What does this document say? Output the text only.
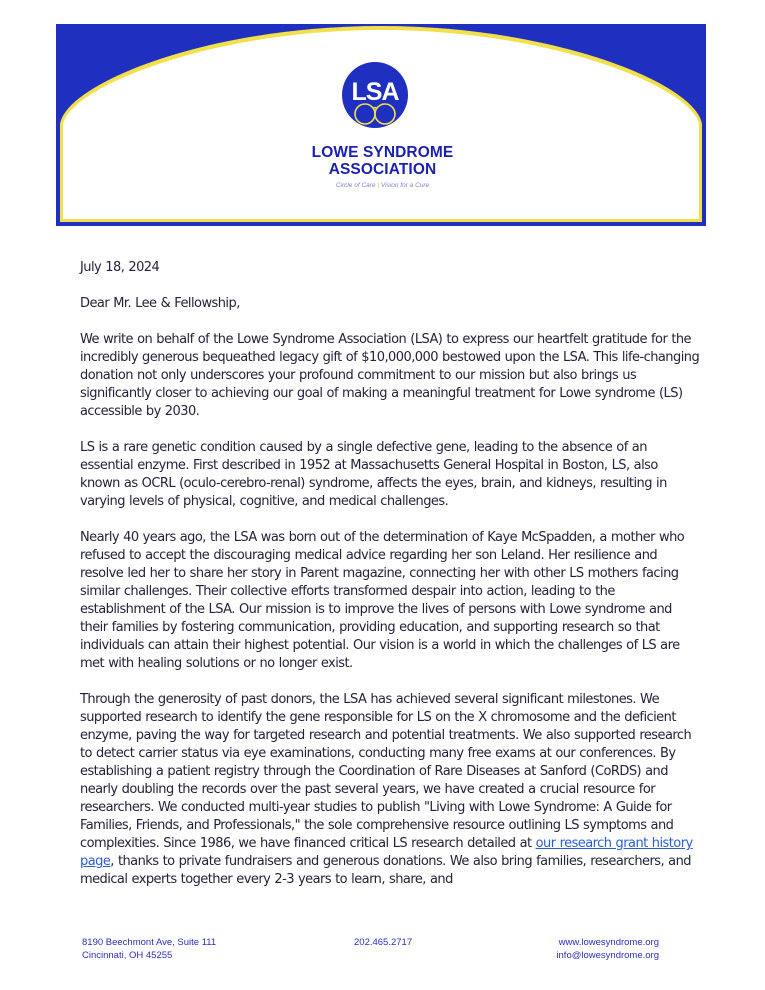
LSA
LOWE SYNDROME
ASSOCIATION
Circle of Care | Vision for a Cure

July 18, 2024

Dear Mr. Lee & Fellowship,

We write on behalf of the Lowe Syndrome Association (LSA) to express our heartfelt gratitude for the incredibly generous bequeathed legacy gift of $10,000,000 bestowed upon the LSA. This life-changing donation not only underscores your profound commitment to our mission but also brings us significantly closer to achieving our goal of making a meaningful treatment for Lowe syndrome (LS) accessible by 2030.

LS is a rare genetic condition caused by a single defective gene, leading to the absence of an essential enzyme. First described in 1952 at Massachusetts General Hospital in Boston, LS, also known as OCRL (oculo-cerebro-renal) syndrome, affects the eyes, brain, and kidneys, resulting in varying levels of physical, cognitive, and medical challenges.

Nearly 40 years ago, the LSA was born out of the determination of Kaye McSpadden, a mother who refused to accept the discouraging medical advice regarding her son Leland. Her resilience and resolve led her to share her story in Parent magazine, connecting her with other LS mothers facing similar challenges. Their collective efforts transformed despair into action, leading to the establishment of the LSA. Our mission is to improve the lives of persons with Lowe syndrome and their families by fostering communication, providing education, and supporting research so that individuals can attain their highest potential. Our vision is a world in which the challenges of LS are met with healing solutions or no longer exist.

Through the generosity of past donors, the LSA has achieved several significant milestones. We supported research to identify the gene responsible for LS on the X chromosome and the deficient enzyme, paving the way for targeted research and potential treatments. We also supported research to detect carrier status via eye examinations, conducting many free exams at our conferences. By establishing a patient registry through the Coordination of Rare Diseases at Sanford (CoRDS) and nearly doubling the records over the past several years, we have created a crucial resource for researchers. We conducted multi-year studies to publish "Living with Lowe Syndrome: A Guide for Families, Friends, and Professionals," the sole comprehensive resource outlining LS symptoms and complexities. Since 1986, we have financed critical LS research detailed at our research grant history page, thanks to private fundraisers and generous donations. We also bring families, researchers, and medical experts together every 2-3 years to learn, share, and

8190 Beechmont Ave, Suite 111
Cincinnati, OH 45255
202.465.2717	www.lowesyndrome.org
info@lowesyndrome.org
